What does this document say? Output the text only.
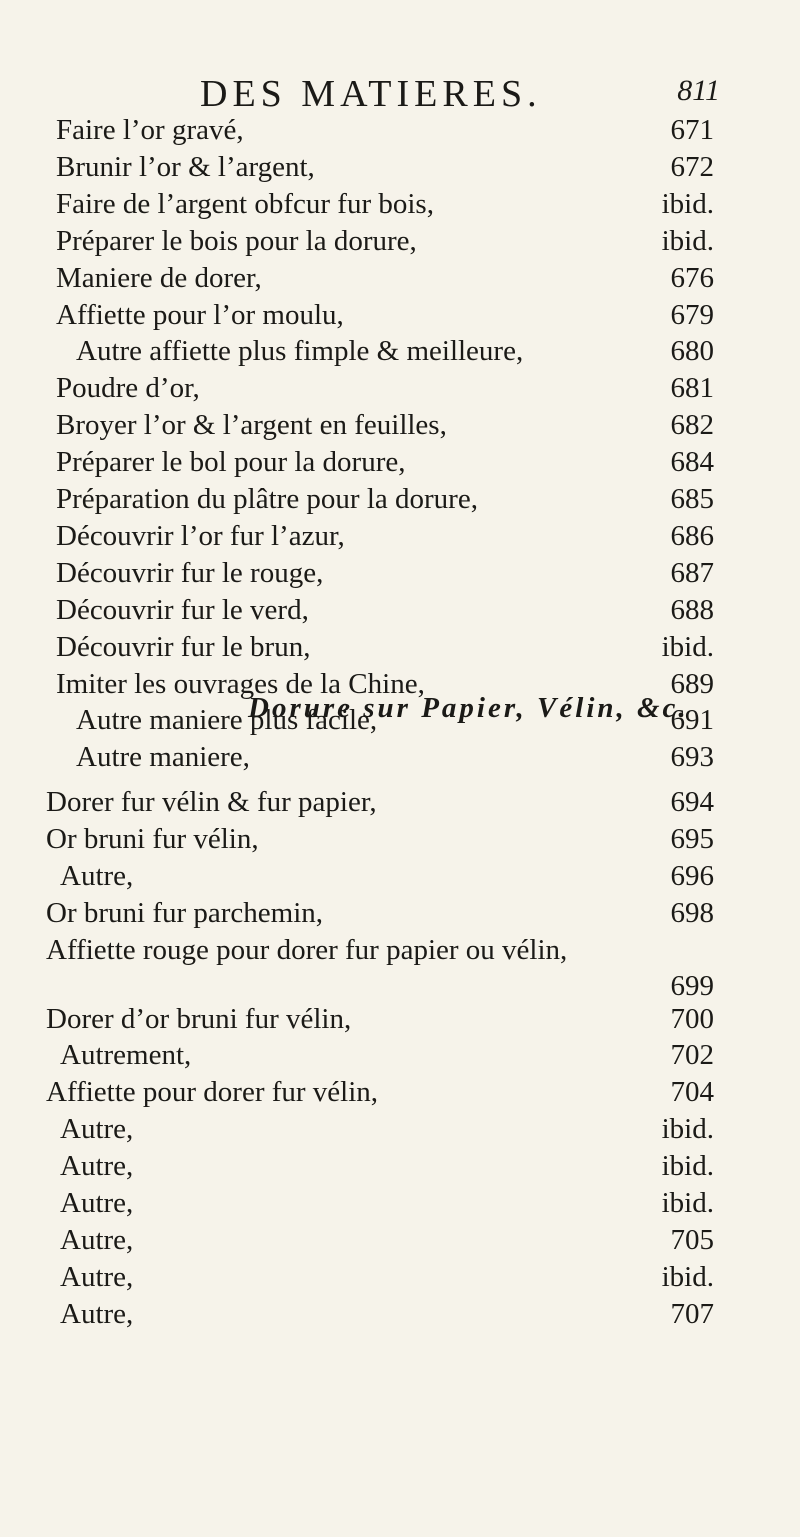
DES MATIERES.	811
Faire l’or gravé,	671
Brunir l’or & l’argent,	672
Faire de l’argent obfcur fur bois,	ibid.
Préparer le bois pour la dorure,	ibid.
Maniere de dorer,	676
Affiette pour l’or moulu,	679
Autre affiette plus fimple & meilleure,	680
Poudre d’or,	681
Broyer l’or & l’argent en feuilles,	682
Préparer le bol pour la dorure,	684
Préparation du plâtre pour la dorure,	685
Découvrir l’or fur l’azur,	686
Découvrir fur le rouge,	687
Découvrir fur le verd,	688
Découvrir fur le brun,	ibid.
Imiter les ouvrages de la Chine,	689
Autre maniere plus facile,	691
Autre maniere,	693
Dorure sur Papier, Vélin, &c.
Dorer fur vélin & fur papier,	694
Or bruni fur vélin,	695
Autre,	696
Or bruni fur parchemin,	698
Affiette rouge pour dorer fur papier ou vélin,
699
Dorer d’or bruni fur vélin,	700
Autrement,	702
Affiette pour dorer fur vélin,	704
Autre,	ibid.
Autre,	ibid.
Autre,	ibid.
Autre,	705
Autre,	ibid.
Autre,	707
